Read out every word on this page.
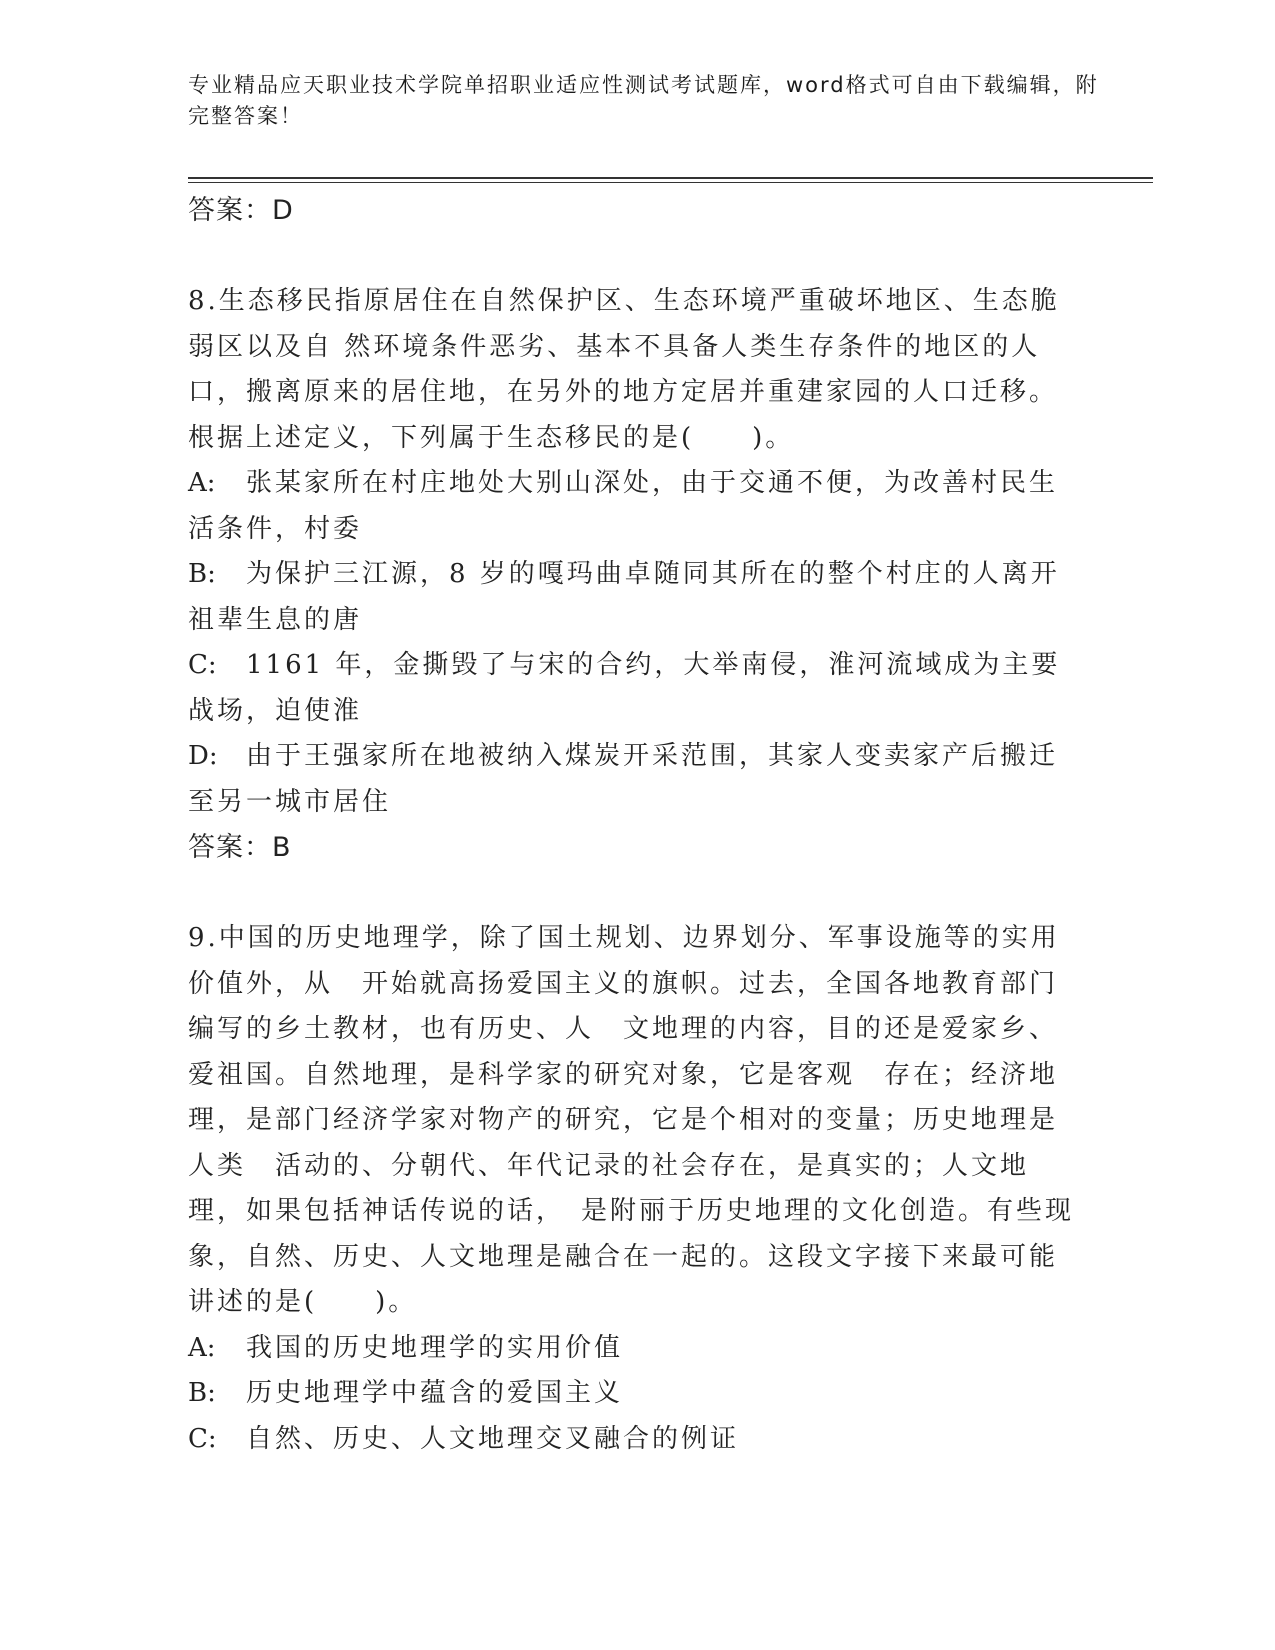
专业精品应天职业技术学院单招职业适应性测试考试题库，word格式可自由下载编辑，附完整答案！

答案：D

8.生态移民指原居住在自然保护区、生态环境严重破坏地区、生态脆弱区以及自 然环境条件恶劣、基本不具备人类生存条件的地区的人口，搬离原来的居住地，在另外的地方定居并重建家园的人口迁移。根据上述定义，下列属于生态移民的是(　　)。

A: 张某家所在村庄地处大别山深处，由于交通不便，为改善村民生活条件，村委
B: 为保护三江源，8 岁的嘎玛曲卓随同其所在的整个村庄的人离开祖辈生息的唐
C: 1161 年，金撕毁了与宋的合约，大举南侵，淮河流域成为主要战场，迫使淮
D: 由于王强家所在地被纳入煤炭开采范围，其家人变卖家产后搬迁至另一城市居住

答案：B

9.中国的历史地理学，除了国土规划、边界划分、军事设施等的实用价值外，从　开始就高扬爱国主义的旗帜。过去，全国各地教育部门编写的乡土教材，也有历史、人　文地理的内容，目的还是爱家乡、爱祖国。自然地理，是科学家的研究对象，它是客观　存在；经济地理，是部门经济学家对物产的研究，它是个相对的变量；历史地理是人类　活动的、分朝代、年代记录的社会存在，是真实的；人文地理，如果包括神话传说的话，　是附丽于历史地理的文化创造。有些现象，自然、历史、人文地理是融合在一起的。这段文字接下来最可能讲述的是(　　)。

A: 我国的历史地理学的实用价值
B: 历史地理学中蕴含的爱国主义
C: 自然、历史、人文地理交叉融合的例证
